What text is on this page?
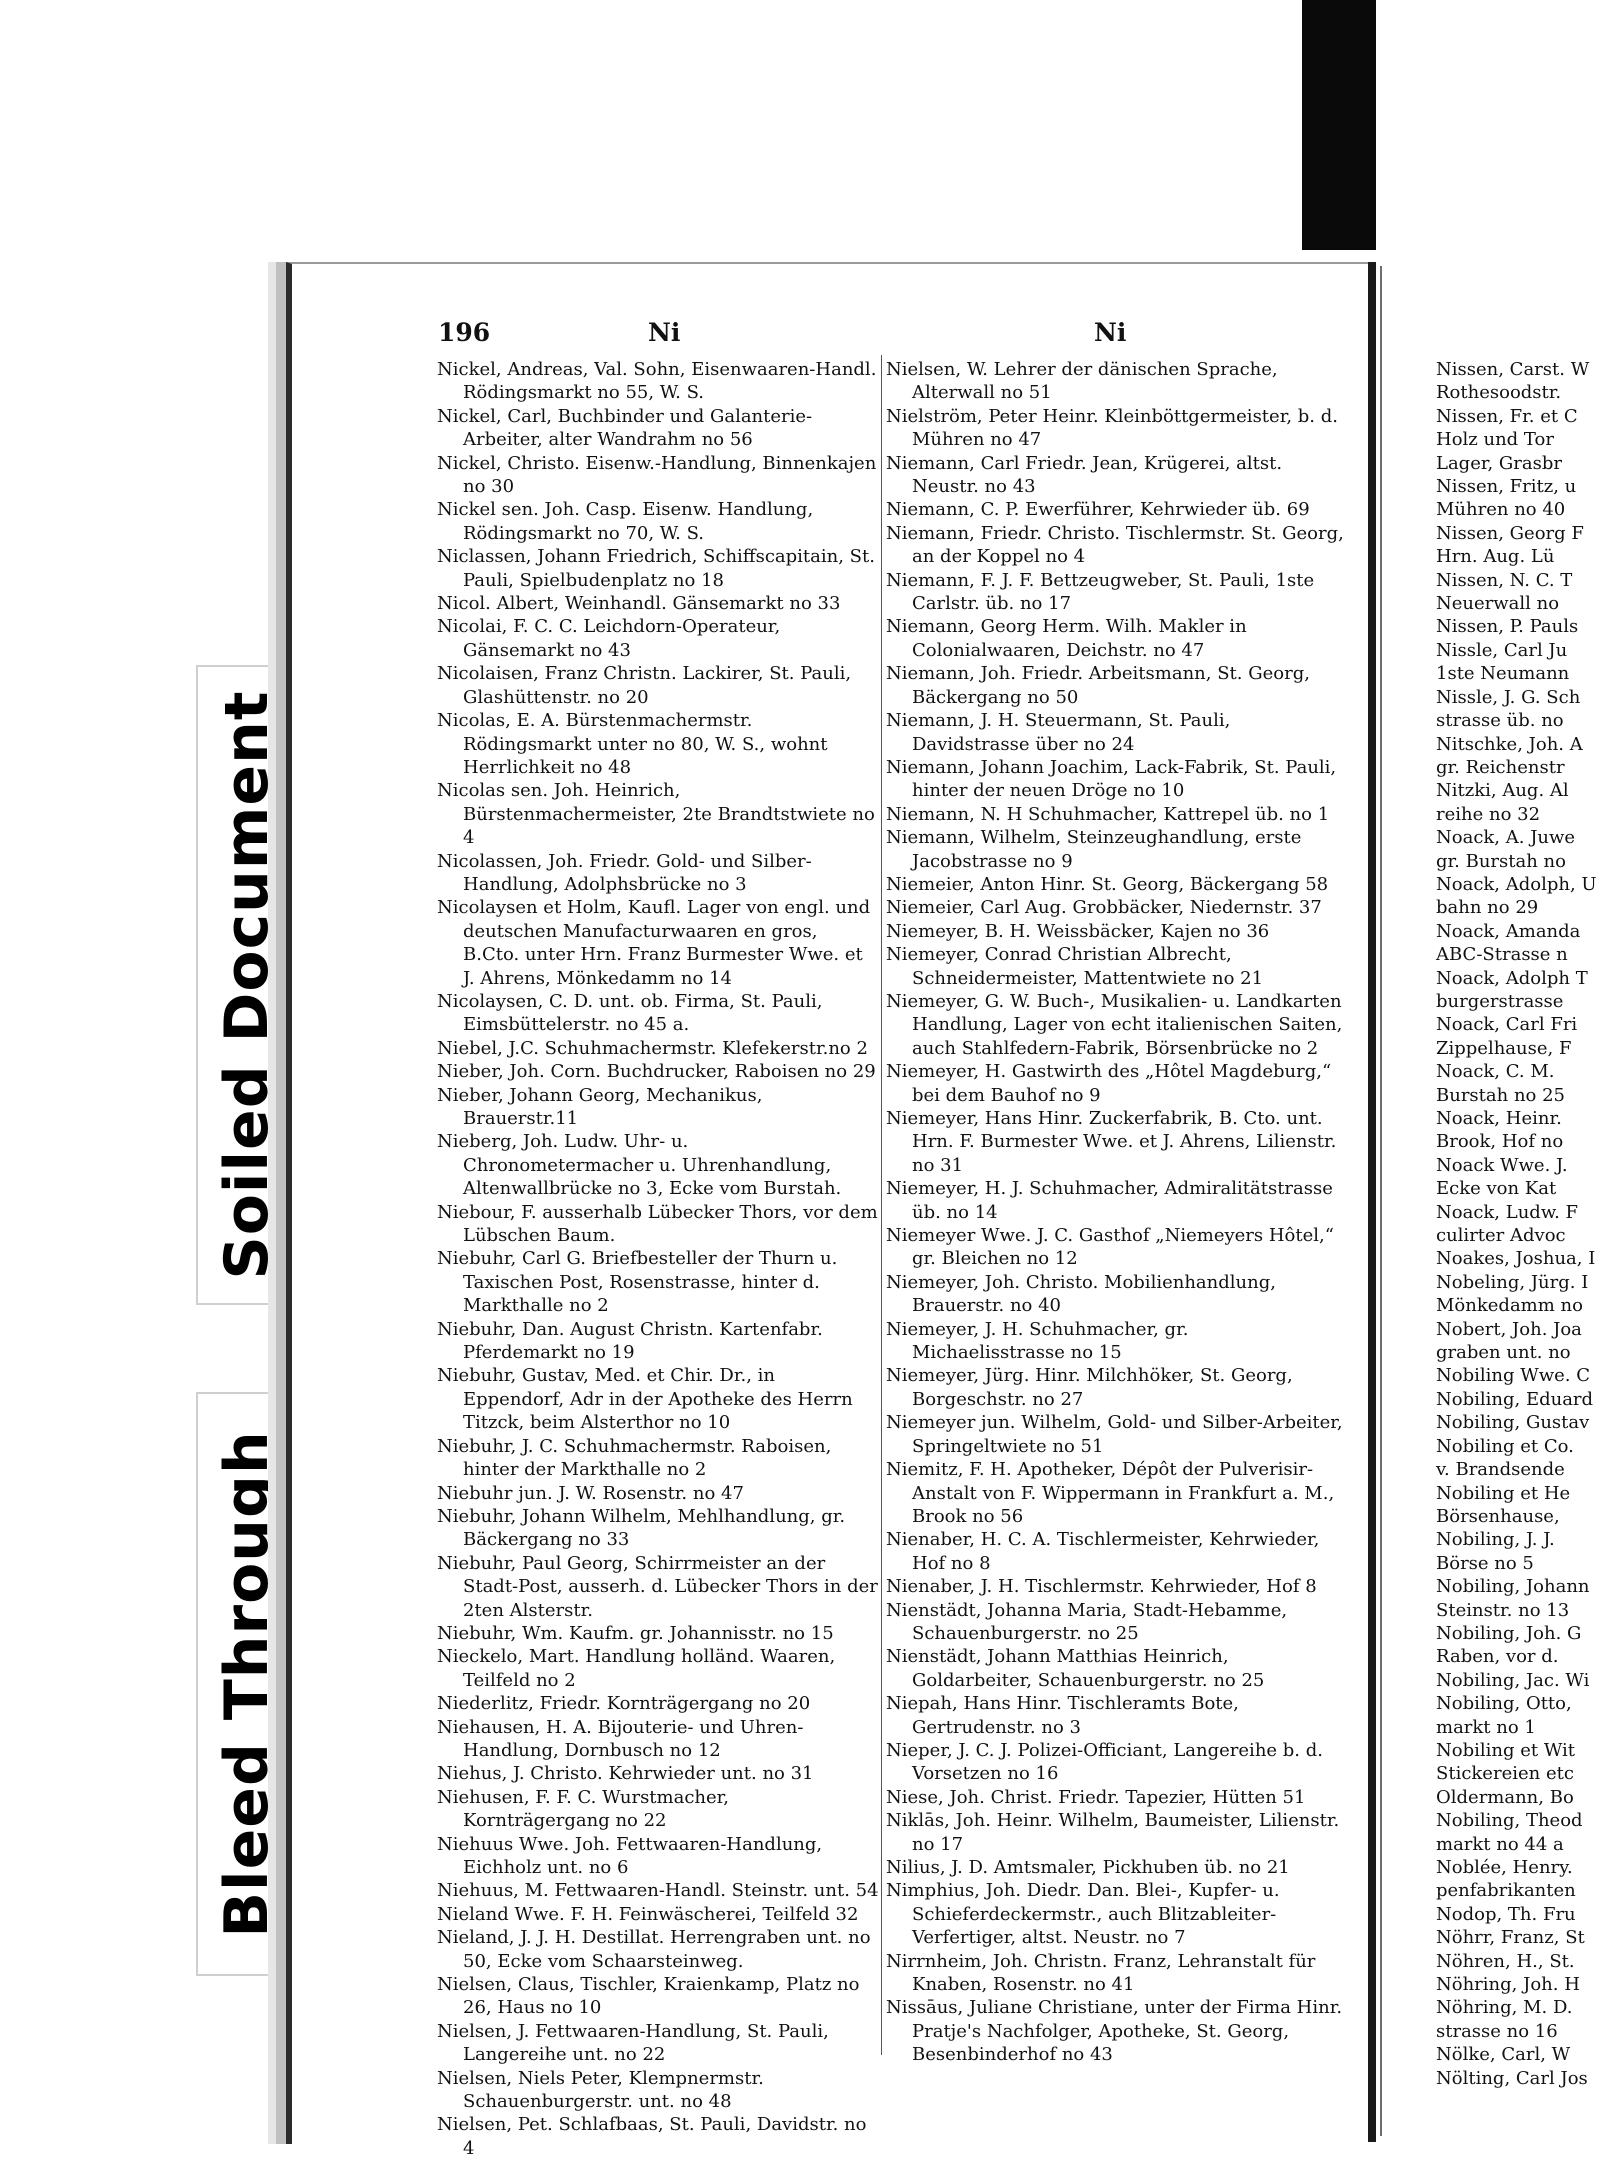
Soiled Document
Bleed Through
196	Ni	Ni

Nickel, Andreas, Val. Sohn, Eisenwaaren-Handl. Rödingsmarkt no 55, W. S.

Nickel, Carl, Buchbinder und Galanterie-Arbeiter, alter Wandrahm no 56

Nickel, Christo. Eisenw.-Handlung, Binnenkajen no 30

Nickel sen. Joh. Casp. Eisenw. Handlung, Rödingsmarkt no 70, W. S.

Niclassen, Johann Friedrich, Schiffscapitain, St. Pauli, Spielbudenplatz no 18

Nicol. Albert, Weinhandl. Gänsemarkt no 33

Nicolai, F. C. C. Leichdorn-Operateur, Gänsemarkt no 43

Nicolaisen, Franz Christn. Lackirer, St. Pauli, Glashüttenstr. no 20

Nicolas, E. A. Bürstenmachermstr. Rödingsmarkt unter no 80, W. S., wohnt Herrlichkeit no 48

Nicolas sen. Joh. Heinrich, Bürstenmachermeister, 2te Brandtstwiete no 4

Nicolassen, Joh. Friedr. Gold- und Silber-Handlung, Adolphsbrücke no 3

Nicolaysen et Holm, Kaufl. Lager von engl. und deutschen Manufacturwaaren en gros, B.Cto. unter Hrn. Franz Burmester Wwe. et J. Ahrens, Mönkedamm no 14

Nicolaysen, C. D. unt. ob. Firma, St. Pauli, Eimsbüttelerstr. no 45 a.

Niebel, J.C. Schuhmachermstr. Klefekerstr.no 2

Nieber, Joh. Corn. Buchdrucker, Raboisen no 29

Nieber, Johann Georg, Mechanikus, Brauerstr.11

Nieberg, Joh. Ludw. Uhr- u. Chronometermacher u. Uhrenhandlung, Altenwallbrücke no 3, Ecke vom Burstah.

Niebour, F. ausserhalb Lübecker Thors, vor dem Lübschen Baum.

Niebuhr, Carl G. Briefbesteller der Thurn u. Taxischen Post, Rosenstrasse, hinter d. Markthalle no 2

Niebuhr, Dan. August Christn. Kartenfabr. Pferdemarkt no 19

Niebuhr, Gustav, Med. et Chir. Dr., in Eppendorf, Adr in der Apotheke des Herrn Titzck, beim Alsterthor no 10

Niebuhr, J. C. Schuhmachermstr. Raboisen, hinter der Markthalle no 2

Niebuhr jun. J. W. Rosenstr. no 47

Niebuhr, Johann Wilhelm, Mehlhandlung, gr. Bäckergang no 33

Niebuhr, Paul Georg, Schirrmeister an der Stadt-Post, ausserh. d. Lübecker Thors in der 2ten Alsterstr.

Niebuhr, Wm. Kaufm. gr. Johannisstr. no 15

Nieckelo, Mart. Handlung holländ. Waaren, Teilfeld no 2

Niederlitz, Friedr. Kornträgergang no 20

Niehausen, H. A. Bijouterie- und Uhren-Handlung, Dornbusch no 12

Niehus, J. Christo. Kehrwieder unt. no 31

Niehusen, F. F. C. Wurstmacher, Kornträgergang no 22

Niehuus Wwe. Joh. Fettwaaren-Handlung, Eichholz unt. no 6

Niehuus, M. Fettwaaren-Handl. Steinstr. unt. 54

Nieland Wwe. F. H. Feinwäscherei, Teilfeld 32

Nieland, J. J. H. Destillat. Herrengraben unt. no 50, Ecke vom Schaarsteinweg.

Nielsen, Claus, Tischler, Kraienkamp, Platz no 26, Haus no 10

Nielsen, J. Fettwaaren-Handlung, St. Pauli, Langereihe unt. no 22

Nielsen, Niels Peter, Klempnermstr. Schauenburgerstr. unt. no 48

Nielsen, Pet. Schlafbaas, St. Pauli, Davidstr. no 4

Nielsen, W. Lehrer der dänischen Sprache, Alterwall no 51

Nielström, Peter Heinr. Kleinböttgermeister, b. d. Mühren no 47

Niemann, Carl Friedr. Jean, Krügerei, altst. Neustr. no 43

Niemann, C. P. Ewerführer, Kehrwieder üb. 69

Niemann, Friedr. Christo. Tischlermstr. St. Georg, an der Koppel no 4

Niemann, F. J. F. Bettzeugweber, St. Pauli, 1ste Carlstr. üb. no 17

Niemann, Georg Herm. Wilh. Makler in Colonialwaaren, Deichstr. no 47

Niemann, Joh. Friedr. Arbeitsmann, St. Georg, Bäckergang no 50

Niemann, J. H. Steuermann, St. Pauli, Davidstrasse über no 24

Niemann, Johann Joachim, Lack-Fabrik, St. Pauli, hinter der neuen Dröge no 10

Niemann, N. H Schuhmacher, Kattrepel üb. no 1

Niemann, Wilhelm, Steinzeughandlung, erste Jacobstrasse no 9

Niemeier, Anton Hinr. St. Georg, Bäckergang 58

Niemeier, Carl Aug. Grobbäcker, Niedernstr. 37

Niemeyer, B. H. Weissbäcker, Kajen no 36

Niemeyer, Conrad Christian Albrecht, Schneidermeister, Mattentwiete no 21

Niemeyer, G. W. Buch-, Musikalien- u. Landkarten Handlung, Lager von echt italienischen Saiten, auch Stahlfedern-Fabrik, Börsenbrücke no 2

Niemeyer, H. Gastwirth des „Hôtel Magdeburg,“ bei dem Bauhof no 9

Niemeyer, Hans Hinr. Zuckerfabrik, B. Cto. unt. Hrn. F. Burmester Wwe. et J. Ahrens, Lilienstr. no 31

Niemeyer, H. J. Schuhmacher, Admiralitätstrasse üb. no 14

Niemeyer Wwe. J. C. Gasthof „Niemeyers Hôtel,“ gr. Bleichen no 12

Niemeyer, Joh. Christo. Mobilienhandlung, Brauerstr. no 40

Niemeyer, J. H. Schuhmacher, gr. Michaelisstrasse no 15

Niemeyer, Jürg. Hinr. Milchhöker, St. Georg, Borgeschstr. no 27

Niemeyer jun. Wilhelm, Gold- und Silber-Arbeiter, Springeltwiete no 51

Niemitz, F. H. Apotheker, Dépôt der Pulverisir-Anstalt von F. Wippermann in Frankfurt a. M., Brook no 56

Nienaber, H. C. A. Tischlermeister, Kehrwieder, Hof no 8

Nienaber, J. H. Tischlermstr. Kehrwieder, Hof 8

Nienstädt, Johanna Maria, Stadt-Hebamme, Schauenburgerstr. no 25

Nienstädt, Johann Matthias Heinrich, Goldarbeiter, Schauenburgerstr. no 25

Niepah, Hans Hinr. Tischleramts Bote, Gertrudenstr. no 3

Nieper, J. C. J. Polizei-Officiant, Langereihe b. d. Vorsetzen no 16

Niese, Joh. Christ. Friedr. Tapezier, Hütten 51

Niklās, Joh. Heinr. Wilhelm, Baumeister, Lilienstr. no 17

Nilius, J. D. Amtsmaler, Pickhuben üb. no 21

Nimphius, Joh. Diedr. Dan. Blei-, Kupfer- u. Schieferdeckermstr., auch Blitzableiter-Verfertiger, altst. Neustr. no 7

Nirrnheim, Joh. Christn. Franz, Lehranstalt für Knaben, Rosenstr. no 41

Nissāus, Juliane Christiane, unter der Firma Hinr. Pratje's Nachfolger, Apotheke, St. Georg, Besenbinderhof no 43

Nissen, Carst. W

Rothesoodstr.

Nissen, Fr. et C

Holz und Tor

Lager, Grasbr

Nissen, Fritz, u

Mühren no 40

Nissen, Georg F

Hrn. Aug. Lü

Nissen, N. C. T

Neuerwall no

Nissen, P. Pauls

Nissle, Carl Ju

1ste Neumann

Nissle, J. G. Sch

strasse üb. no

Nitschke, Joh. A

gr. Reichenstr

Nitzki, Aug. Al

reihe no 32

Noack, A. Juwe

gr. Burstah no

Noack, Adolph, U

bahn no 29

Noack, Amanda

ABC-Strasse n

Noack, Adolph T

burgerstrasse

Noack, Carl Fri

Zippelhause, F

Noack, C. M.

Burstah no 25

Noack, Heinr.

Brook, Hof no

Noack Wwe. J.

Ecke von Kat

Noack, Ludw. F

culirter Advoc

Noakes, Joshua, I

Nobeling, Jürg. I

Mönkedamm no

Nobert, Joh. Joa

graben unt. no

Nobiling Wwe. C

Nobiling, Eduard

Nobiling, Gustav

Nobiling et Co.

v. Brandsende

Nobiling et He

Börsenhause,

Nobiling, J. J.

Börse no 5

Nobiling, Johann

Steinstr. no 13

Nobiling, Joh. G

Raben, vor d.

Nobiling, Jac. Wi

Nobiling, Otto,

markt no 1

Nobiling et Wit

Stickereien etc

Oldermann, Bo

Nobiling, Theod

markt no 44 a

Noblée, Henry.

penfabrikanten

Nodop, Th. Fru

Nöhrr, Franz, St

Nöhren, H., St.

Nöhring, Joh. H

Nöhring, M. D.

strasse no 16

Nölke, Carl, W

Nölting, Carl Jos
